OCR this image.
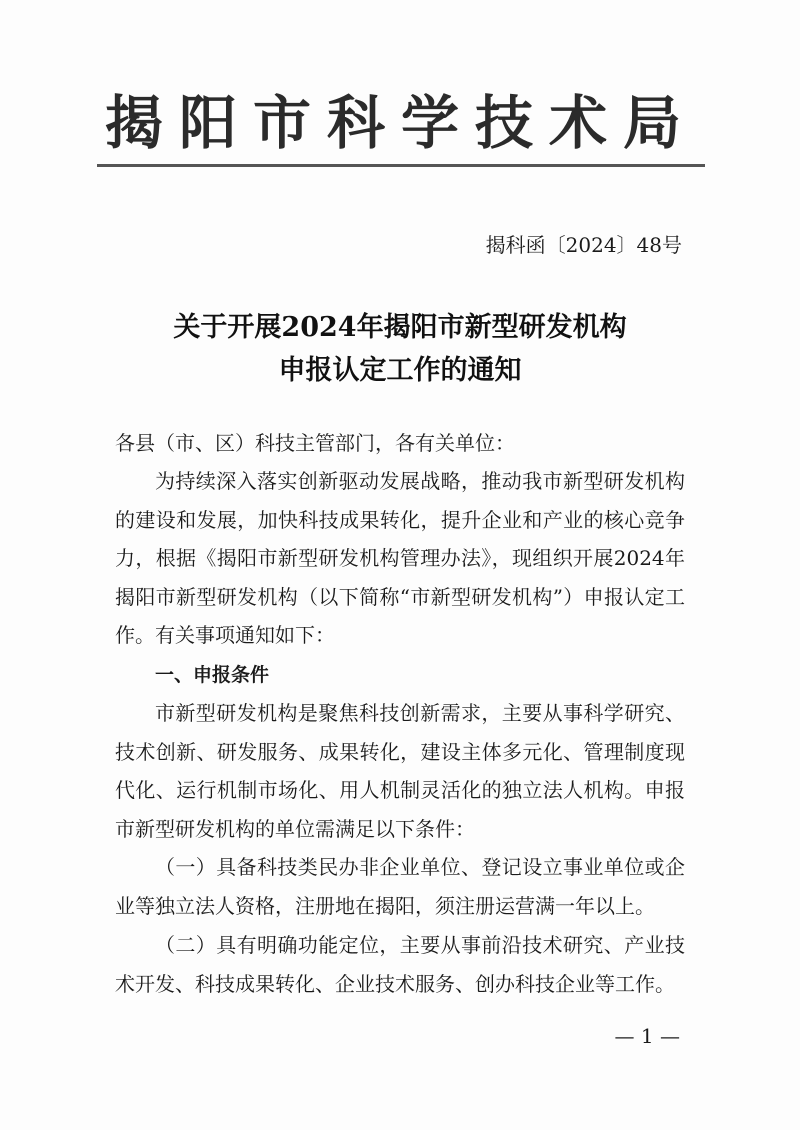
揭阳市科学技术局
揭科函〔2024〕48号
关于开展2024年揭阳市新型研发机构
申报认定工作的通知
各县（市、区）科技主管部门，各有关单位：
为持续深入落实创新驱动发展战略，推动我市新型研发机构的建设和发展，加快科技成果转化，提升企业和产业的核心竞争力，根据《揭阳市新型研发机构管理办法》，现组织开展2024年揭阳市新型研发机构（以下简称“市新型研发机构”）申报认定工作。有关事项通知如下：
一、申报条件
市新型研发机构是聚焦科技创新需求，主要从事科学研究、技术创新、研发服务、成果转化，建设主体多元化、管理制度现代化、运行机制市场化、用人机制灵活化的独立法人机构。申报市新型研发机构的单位需满足以下条件：
（一）具备科技类民办非企业单位、登记设立事业单位或企业等独立法人资格，注册地在揭阳，须注册运营满一年以上。
（二）具有明确功能定位，主要从事前沿技术研究、产业技术开发、科技成果转化、企业技术服务、创办科技企业等工作。
— 1 —
